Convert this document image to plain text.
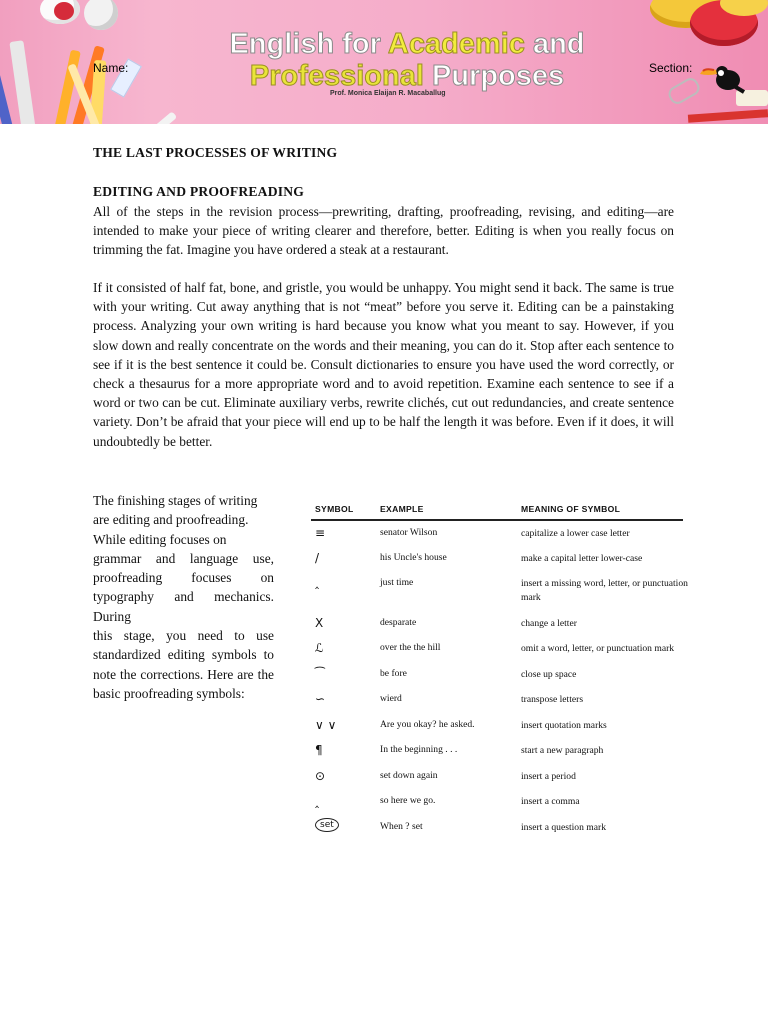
English for Academic and
Professional Purposes
Prof. Monica Elaijan R. Macaballug
Name:	Section:
THE LAST PROCESSES OF WRITING
EDITING AND PROOFREADING

All of the steps in the revision process—prewriting, drafting, proofreading, revising, and editing—are intended to make your piece of writing clearer and therefore, better. Editing is when you really focus on trimming the fat. Imagine you have ordered a steak at a restaurant.

If it consisted of half fat, bone, and gristle, you would be unhappy. You might send it back. The same is true with your writing. Cut away anything that is not “meat” before you serve it. Editing can be a painstaking process. Analyzing your own writing is hard because you know what you meant to say. However, if you slow down and really concentrate on the words and their meaning, you can do it. Stop after each sentence to see if it is the best sentence it could be. Consult dictionaries to ensure you have used the word correctly, or check a thesaurus for a more appropriate word and to avoid repetition. Examine each sentence to see if a word or two can be cut. Eliminate auxiliary verbs, rewrite clichés, cut out redundancies, and create sentence variety. Don’t be afraid that your piece will end up to be half the length it was before. Even if it does, it will undoubtedly be better.

The finishing stages of writing are editing and proofreading. While editing focuses on

grammar and language use, proofreading focuses on typography and mechanics. During

this stage, you need to use standardized editing symbols to note the corrections. Here are the basic proofreading symbols:

SYMBOL	EXAMPLE	MEANING OF SYMBOL
≡	senator Wilson	capitalize a lower case letter
/	his Uncle's house	make a capital letter lower-case
‸	just time	insert a missing word, letter, or punctuation mark
X	desparate	change a letter
ℒ	over the the hill	omit a word, letter, or punctuation mark
⁀	be fore	close up space
∽	wierd	transpose letters
∨ ∨	Are you okay? he asked.	insert quotation marks
¶	In the beginning . . .	start a new paragraph
⊙	set down again	insert a period
‸	so here we go.	insert a comma
set	When ? set	insert a question mark
